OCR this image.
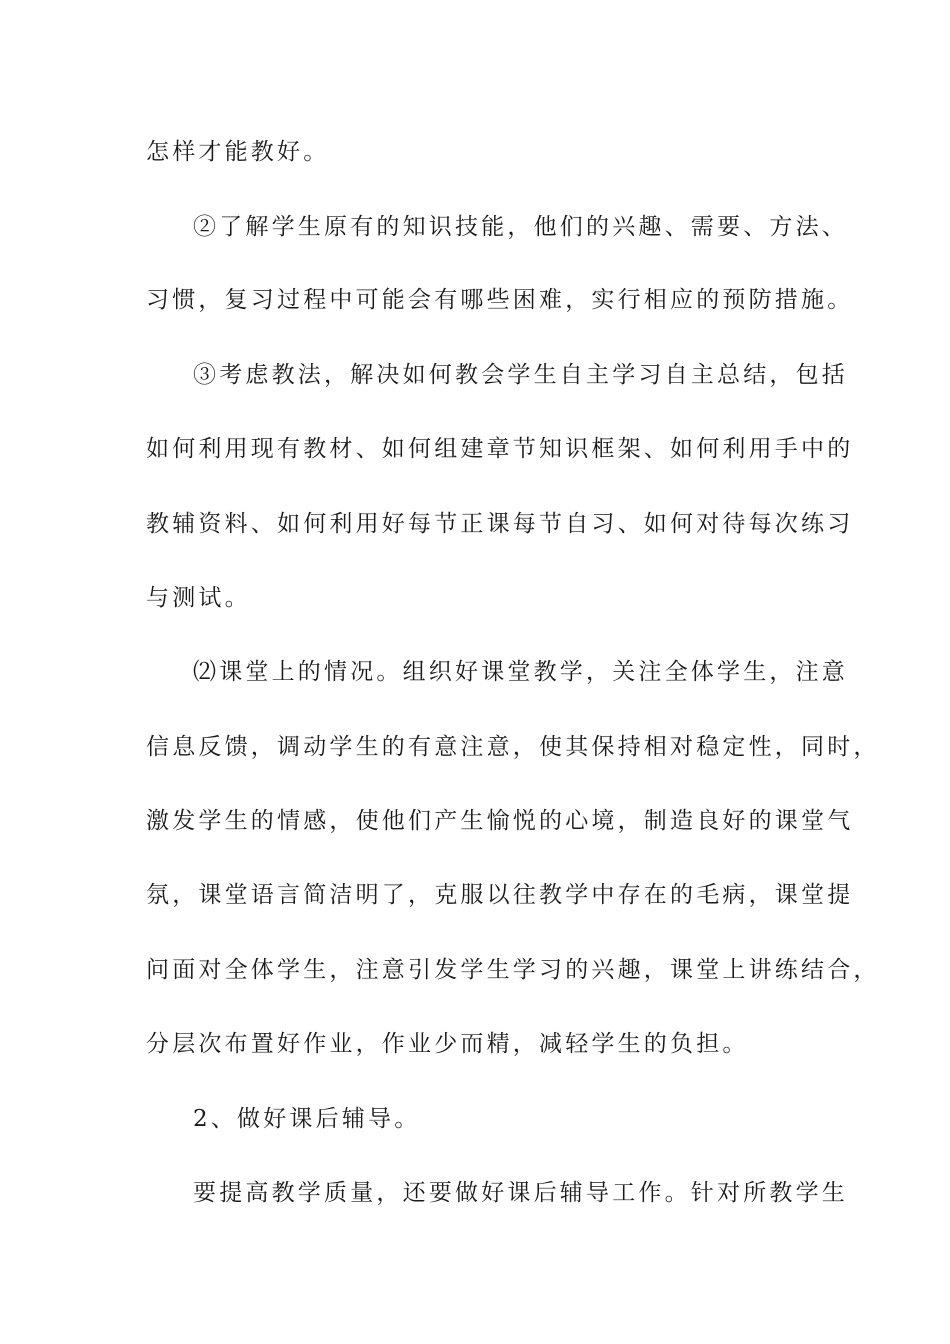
怎样才能教好。
②了解学生原有的知识技能，他们的兴趣、需要、方法、
习惯，复习过程中可能会有哪些困难，实行相应的预防措施。
③考虑教法，解决如何教会学生自主学习自主总结，包括
如何利用现有教材、如何组建章节知识框架、如何利用手中的
教辅资料、如何利用好每节正课每节自习、如何对待每次练习
与测试。
⑵课堂上的情况。组织好课堂教学，关注全体学生，注意
信息反馈，调动学生的有意注意，使其保持相对稳定性，同时，
激发学生的情感，使他们产生愉悦的心境，制造良好的课堂气
氛，课堂语言简洁明了，克服以往教学中存在的毛病，课堂提
问面对全体学生，注意引发学生学习的兴趣，课堂上讲练结合，
分层次布置好作业，作业少而精，减轻学生的负担。
2、做好课后辅导。
要提高教学质量，还要做好课后辅导工作。针对所教学生
